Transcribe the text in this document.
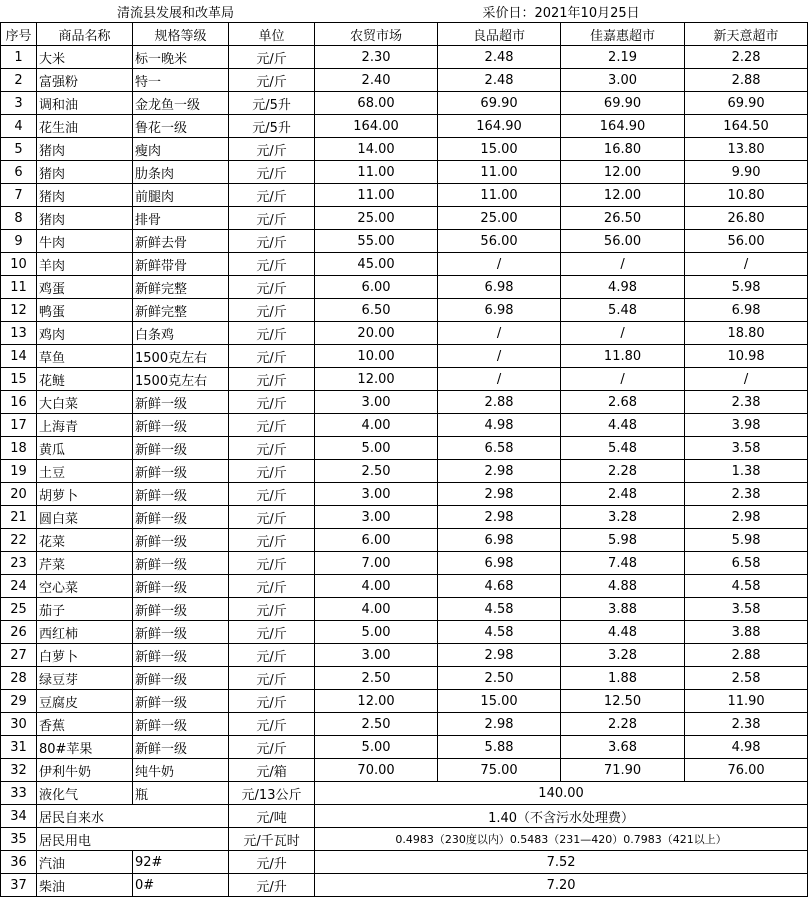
	清流县发展和改革局			采价日：2021年10月25日			
序号	商品名称	规格等级	单位	农贸市场	良品超市	佳嘉惠超市	新天意超市
1	大米	标一晚米	元/斤	2.30	2.48	2.19	2.28
2	富强粉	特一	元/斤	2.40	2.48	3.00	2.88
3	调和油	金龙鱼一级	元/5升	68.00	69.90	69.90	69.90
4	花生油	鲁花一级	元/5升	164.00	164.90	164.90	164.50
5	猪肉	瘦肉	元/斤	14.00	15.00	16.80	13.80
6	猪肉	肋条肉	元/斤	11.00	11.00	12.00	9.90
7	猪肉	前腿肉	元/斤	11.00	11.00	12.00	10.80
8	猪肉	排骨	元/斤	25.00	25.00	26.50	26.80
9	牛肉	新鲜去骨	元/斤	55.00	56.00	56.00	56.00
10	羊肉	新鲜带骨	元/斤	45.00	/	/	/
11	鸡蛋	新鲜完整	元/斤	6.00	6.98	4.98	5.98
12	鸭蛋	新鲜完整	元/斤	6.50	6.98	5.48	6.98
13	鸡肉	白条鸡	元/斤	20.00	/	/	18.80
14	草鱼	1500克左右	元/斤	10.00	/	11.80	10.98
15	花鲢	1500克左右	元/斤	12.00	/	/	/
16	大白菜	新鲜一级	元/斤	3.00	2.88	2.68	2.38
17	上海青	新鲜一级	元/斤	4.00	4.98	4.48	3.98
18	黄瓜	新鲜一级	元/斤	5.00	6.58	5.48	3.58
19	土豆	新鲜一级	元/斤	2.50	2.98	2.28	1.38
20	胡萝卜	新鲜一级	元/斤	3.00	2.98	2.48	2.38
21	圆白菜	新鲜一级	元/斤	3.00	2.98	3.28	2.98
22	花菜	新鲜一级	元/斤	6.00	6.98	5.98	5.98
23	芹菜	新鲜一级	元/斤	7.00	6.98	7.48	6.58
24	空心菜	新鲜一级	元/斤	4.00	4.68	4.88	4.58
25	茄子	新鲜一级	元/斤	4.00	4.58	3.88	3.58
26	西红柿	新鲜一级	元/斤	5.00	4.58	4.48	3.88
27	白萝卜	新鲜一级	元/斤	3.00	2.98	3.28	2.88
28	绿豆芽	新鲜一级	元/斤	2.50	2.50	1.88	2.58
29	豆腐皮	新鲜一级	元/斤	12.00	15.00	12.50	11.90
30	香蕉	新鲜一级	元/斤	2.50	2.98	2.28	2.38
31	80#苹果	新鲜一级	元/斤	5.00	5.88	3.68	4.98
32	伊利牛奶	纯牛奶	元/箱	70.00	75.00	71.90	76.00
33	液化气	瓶	元/13公斤	140.00			
34	居民自来水		元/吨	1.40（不含污水处理费）			
35	居民用电		元/千瓦时	0.4983（230度以内）0.5483（231—420）0.7983（421以上）			
36	汽油	92#	元/升	7.52			
37	柴油	0#	元/升	7.20			
